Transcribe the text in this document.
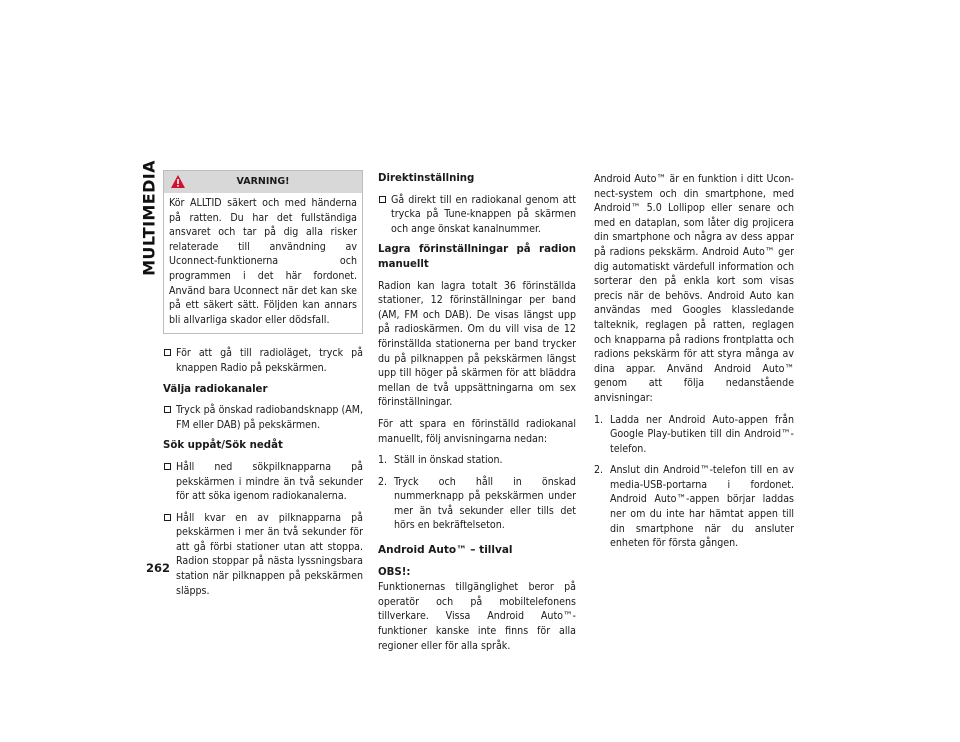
MULTIMEDIA
262
VARNING!
Kör ALLTID säkert och med händerna på ratten. Du har det fullständiga ansvaret och tar på dig alla risker relaterade till användning av Uconnect-funktionerna och programmen i det här fordonet. Använd bara Uconnect när det kan ske på ett säkert sätt. Följden kan annars bli allvarliga skador eller dödsfall.
För att gå till radioläget, tryck på knappen Radio på pekskärmen.
Välja radiokanaler
Tryck på önskad radiobandsknapp (AM, FM eller DAB) på pekskärmen.
Sök uppåt/Sök nedåt
Håll ned sökpilknapparna på pekskärmen i mindre än två sekunder för att söka igenom radiokanalerna.
Håll kvar en av pilknapparna på pekskärmen i mer än två sekunder för att gå förbi stationer utan att stoppa. Radion stoppar på nästa lyssningsbara station när pilknappen på pekskärmen släpps.
Direktinställning
Gå direkt till en radiokanal genom att trycka på Tune-knappen på skärmen och ange önskat kanalnummer.
Lagra förinställningar på radion manuellt

Radion kan lagra totalt 36 förinställda stationer, 12 förinställningar per band (AM, FM och DAB). De visas längst upp på radioskärmen. Om du vill visa de 12 förinställda stationerna per band trycker du på pilknappen på pekskärmen längst upp till höger på skärmen för att bläddra mellan de två uppsättningarna om sex förinställningar.

För att spara en förinställd radiokanal manuellt, följ anvisningarna nedan:

1. Ställ in önskad station.
2. Tryck och håll in önskad nummerknapp på pekskärmen under mer än två sekunder eller tills det hörs en bekräftelseton.
Android Auto™ – tillval
OBS!:

Funktionernas tillgänglighet beror på operatör och på mobiltelefonens tillverkare. Vissa Android Auto™-funktioner kanske inte finns för alla regioner eller för alla språk.

Android Auto™ är en funktion i ditt Uconnect-system och din smartphone, med Android™ 5.0 Lollipop eller senare och med en dataplan, som låter dig projicera din smartphone och några av dess appar på radions pekskärm. Android Auto™ ger dig automatiskt värdefull information och sorterar den på enkla kort som visas precis när de behövs. Android Auto kan användas med Googles klassledande talteknik, reglagen på ratten, reglagen och knapparna på radions frontplatta och radions pekskärm för att styra många av dina appar. Använd Android Auto™ genom att följa nedanstående anvisningar:

1. Ladda ner Android Auto-appen från Google Play-butiken till din Android™-telefon.
2. Anslut din Android™-telefon till en av media-USB-portarna i fordonet. Android Auto™-appen börjar laddas ner om du inte har hämtat appen till din smartphone när du ansluter enheten för första gången.
